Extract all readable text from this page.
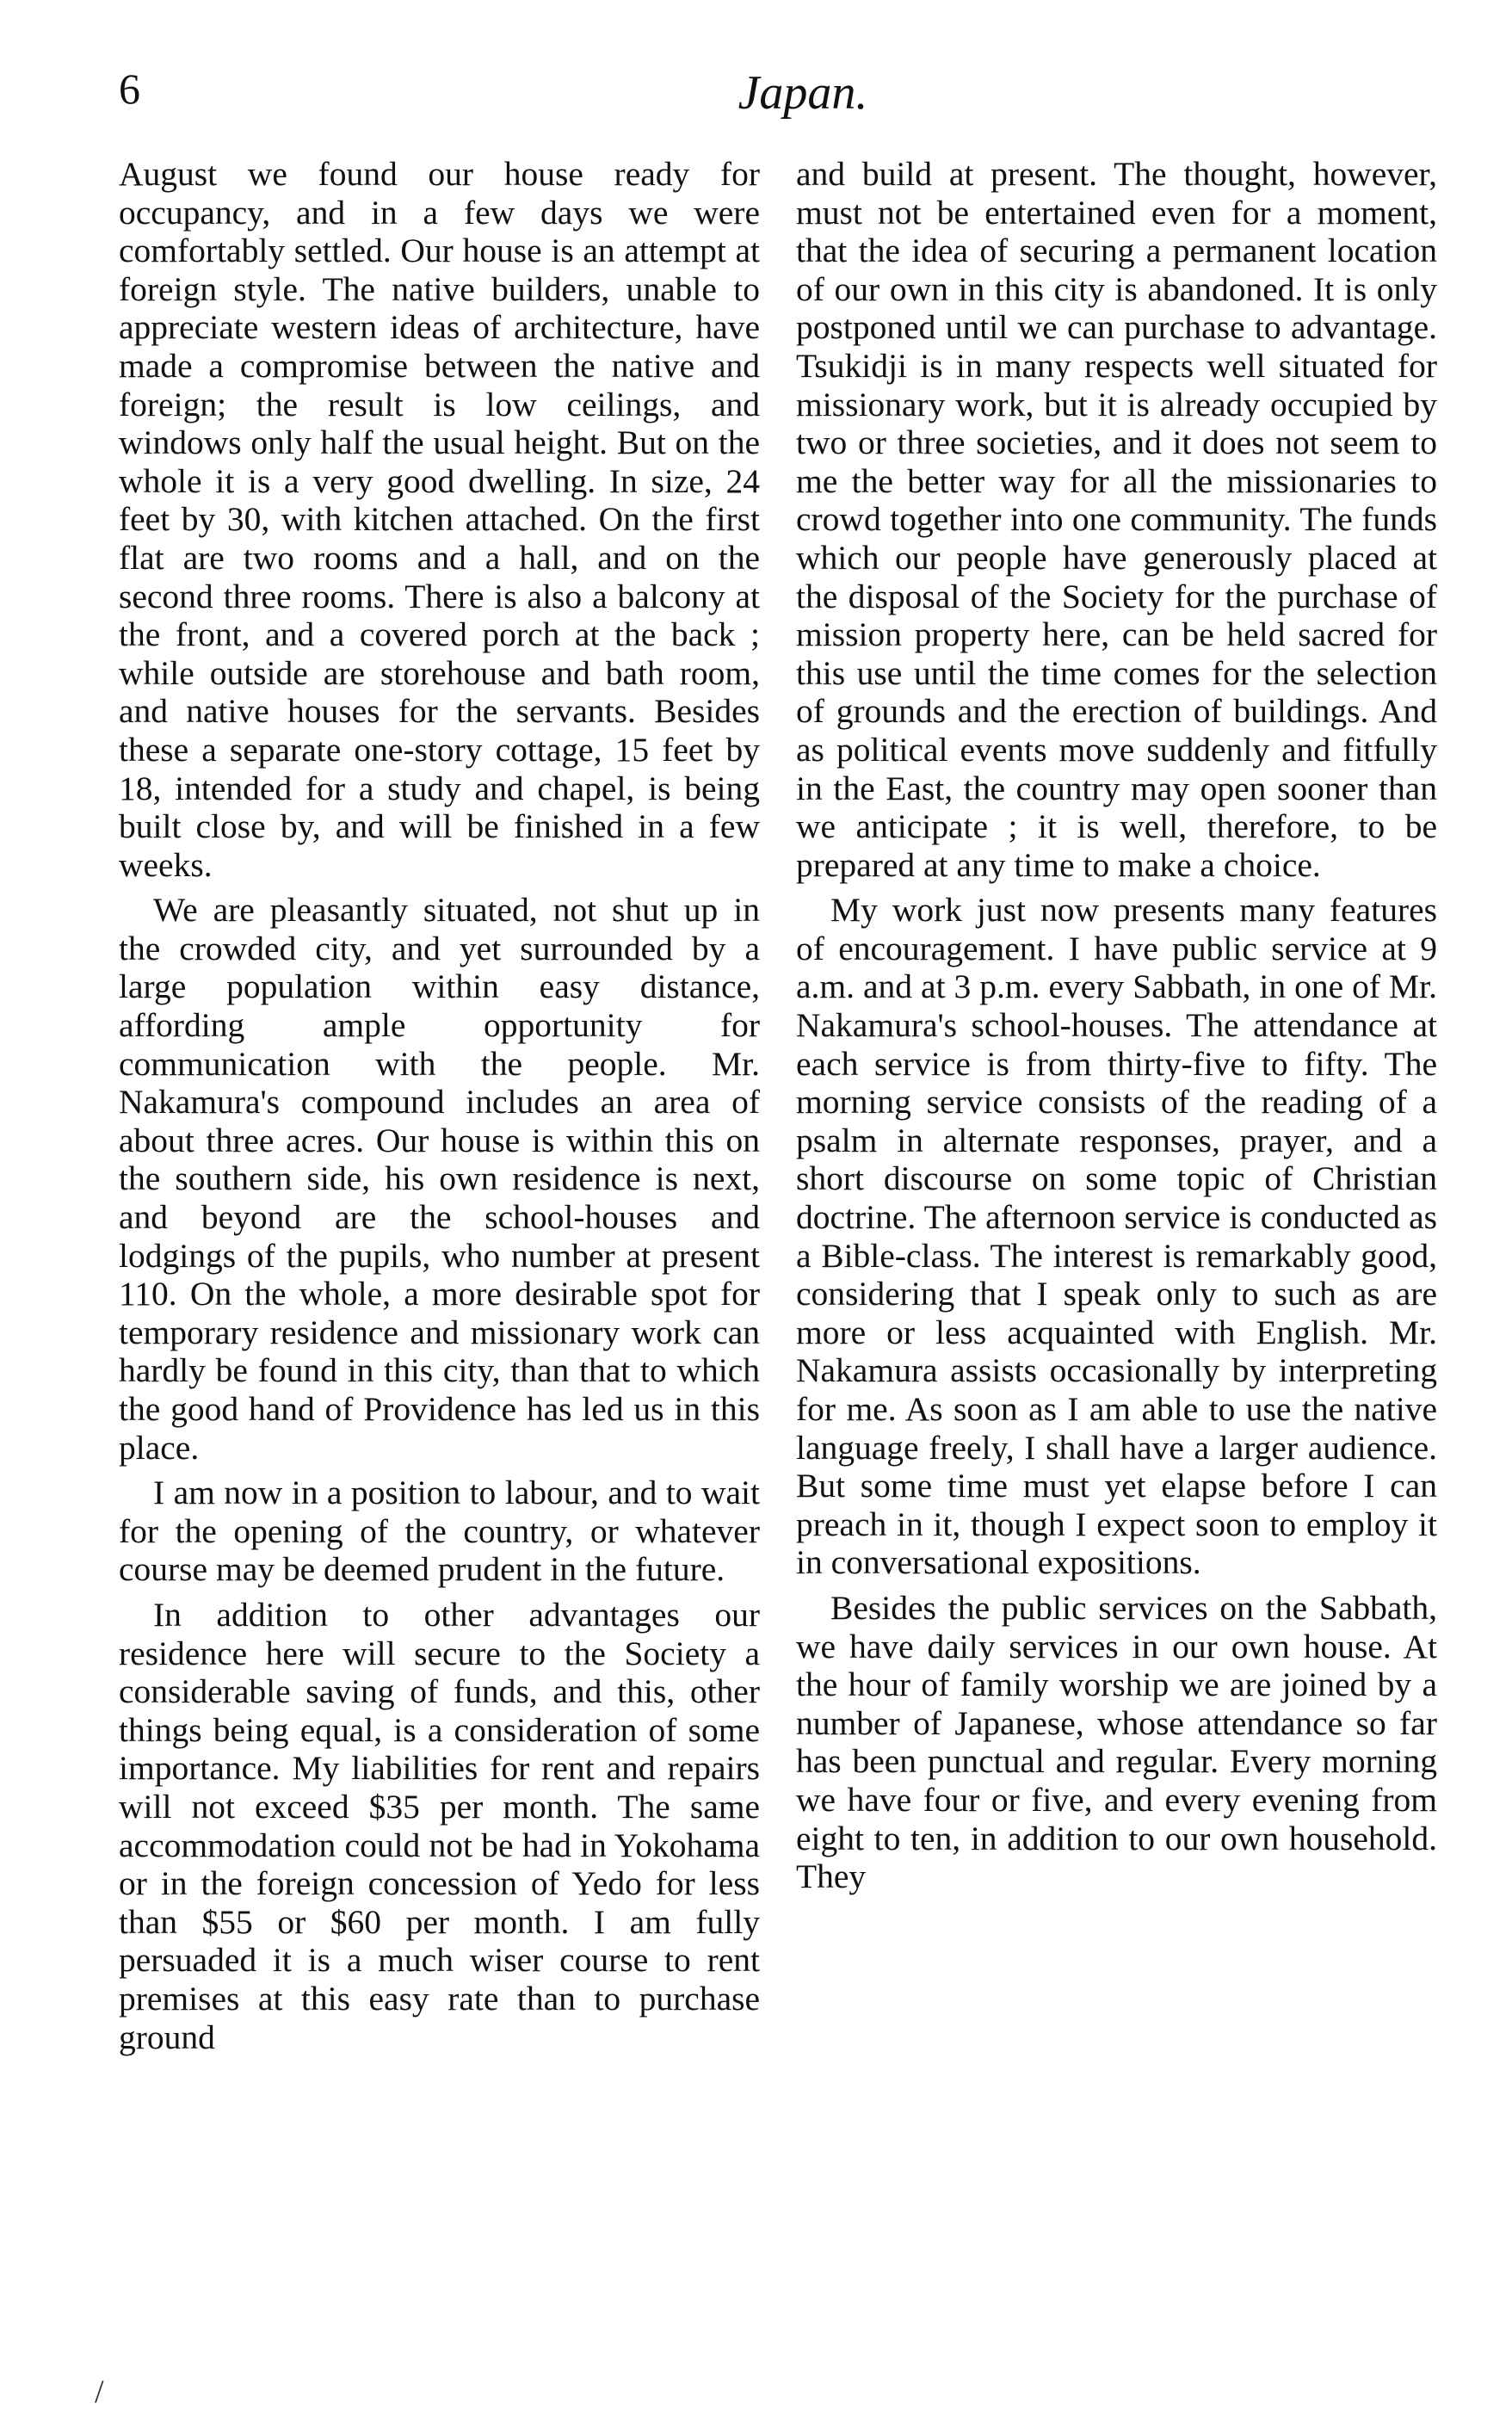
6	Japan.

August we found our house ready for occupancy, and in a few days we were comfortably settled. Our house is an attempt at foreign style. The native builders, unable to appreciate western ideas of architecture, have made a compromise between the native and foreign; the result is low ceilings, and windows only half the usual height. But on the whole it is a very good dwelling. In size, 24 feet by 30, with kitchen attached. On the first flat are two rooms and a hall, and on the second three rooms. There is also a balcony at the front, and a covered porch at the back ; while outside are storehouse and bath room, and native houses for the servants. Besides these a separate one-story cottage, 15 feet by 18, intended for a study and chapel, is being built close by, and will be finished in a few weeks.

We are pleasantly situated, not shut up in the crowded city, and yet surrounded by a large population within easy distance, affording ample opportunity for communication with the people. Mr. Nakamura's compound includes an area of about three acres. Our house is within this on the southern side, his own residence is next, and beyond are the school-houses and lodgings of the pupils, who number at present 110. On the whole, a more desirable spot for temporary residence and missionary work can hardly be found in this city, than that to which the good hand of Providence has led us in this place.

I am now in a position to labour, and to wait for the opening of the country, or whatever course may be deemed prudent in the future.

In addition to other advantages our residence here will secure to the Society a considerable saving of funds, and this, other things being equal, is a consideration of some importance. My liabilities for rent and repairs will not exceed $35 per month. The same accommodation could not be had in Yokohama or in the foreign concession of Yedo for less than $55 or $60 per month. I am fully persuaded it is a much wiser course to rent premises at this easy rate than to purchase ground

and build at present. The thought, however, must not be entertained even for a moment, that the idea of securing a permanent location of our own in this city is abandoned. It is only postponed until we can purchase to advantage. Tsukidji is in many respects well situated for missionary work, but it is already occupied by two or three societies, and it does not seem to me the better way for all the missionaries to crowd together into one community. The funds which our people have generously placed at the disposal of the Society for the purchase of mission property here, can be held sacred for this use until the time comes for the selection of grounds and the erection of buildings. And as political events move suddenly and fitfully in the East, the country may open sooner than we anticipate ; it is well, therefore, to be prepared at any time to make a choice.

My work just now presents many features of encouragement. I have public service at 9 a.m. and at 3 p.m. every Sabbath, in one of Mr. Nakamura's school-houses. The attendance at each service is from thirty-five to fifty. The morning service consists of the reading of a psalm in alternate responses, prayer, and a short discourse on some topic of Christian doctrine. The afternoon service is conducted as a Bible-class. The interest is remarkably good, considering that I speak only to such as are more or less acquainted with English. Mr. Nakamura assists occasionally by interpreting for me. As soon as I am able to use the native language freely, I shall have a larger audience. But some time must yet elapse before I can preach in it, though I expect soon to employ it in conversational expositions.

Besides the public services on the Sabbath, we have daily services in our own house. At the hour of family worship we are joined by a number of Japanese, whose attendance so far has been punctual and regular. Every morning we have four or five, and every evening from eight to ten, in addition to our own household. They

/
